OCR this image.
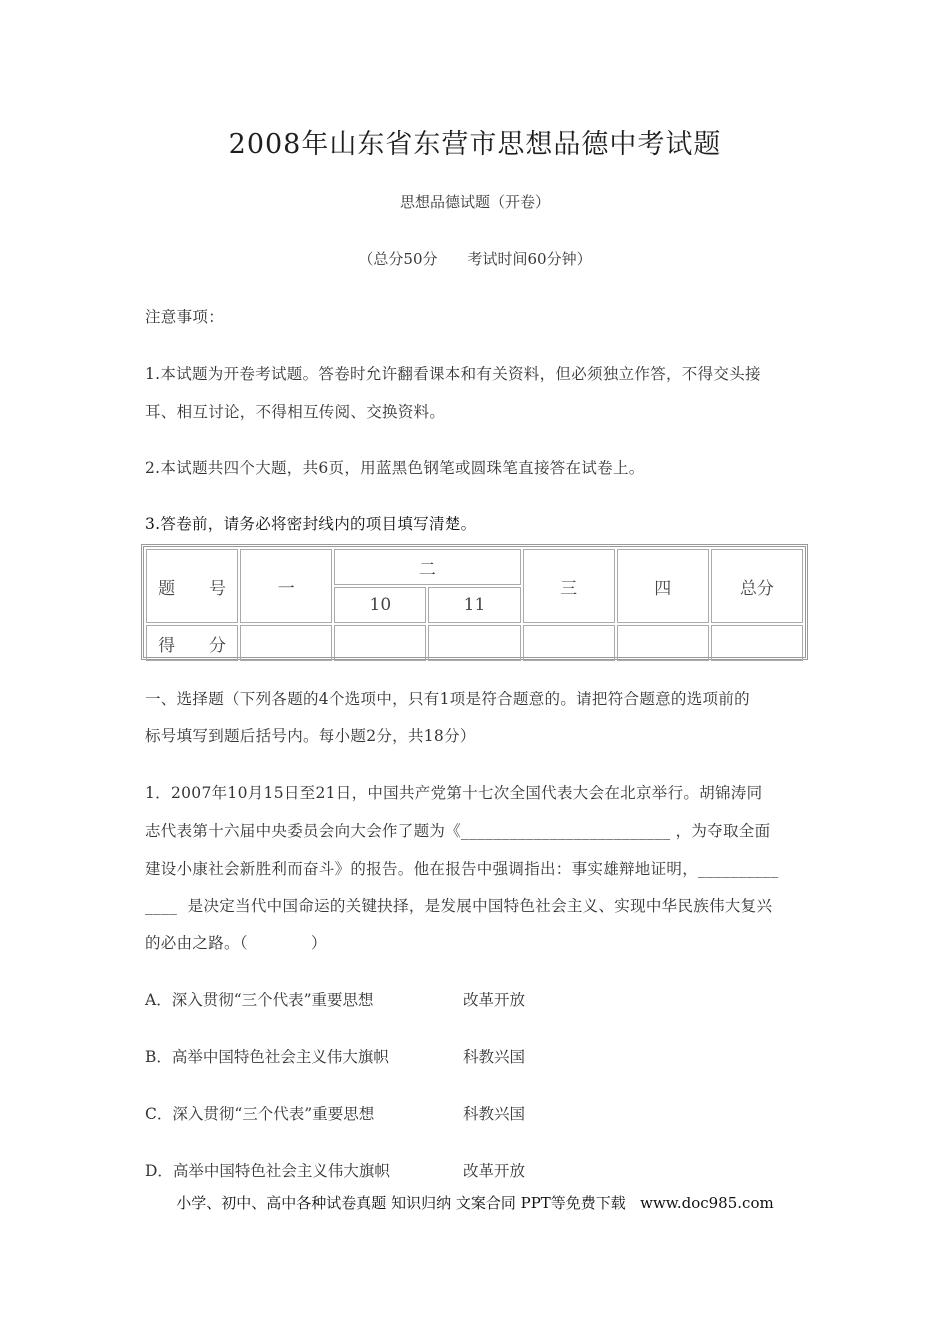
2008年山东省东营市思想品德中考试题
思想品德试题（开卷）
（总分50分　　考试时间60分钟）
注意事项：
1.本试题为开卷考试题。答卷时允许翻看课本和有关资料，但必须独立作答，不得交头接
耳、相互讨论，不得相互传阅、交换资料。
2.本试题共四个大题，共6页，用蓝黑色钢笔或圆珠笔直接答在试卷上。
3.答卷前，请务必将密封线内的项目填写清楚。
题　　号	一	二		三	四	总分
		10	11			
得　　分						
一、选择题（下列各题的4个选项中，只有1项是符合题意的。请把符合题意的选项前的
标号填写到题后括号内。每小题2分，共18分）
1．2007年10月15日至21日，中国共产党第十七次全国代表大会在北京举行。胡锦涛同
志代表第十六届中央委员会向大会作了题为《__________________________ ，为夺取全面
建设小康社会新胜利而奋斗》的报告。他在报告中强调指出：事实雄辩地证明，__________
____ 是决定当代中国命运的关键抉择，是发展中国特色社会主义、实现中华民族伟大复兴
的必由之路。（　　　　）
A．深入贯彻“三个代表”重要思想	改革开放
B．高举中国特色社会主义伟大旗帜	科教兴国
C．深入贯彻“三个代表”重要思想	科教兴国
D．高举中国特色社会主义伟大旗帜	改革开放
小学、初中、高中各种试卷真题 知识归纳 文案合同 PPT等免费下载   www.doc985.com
